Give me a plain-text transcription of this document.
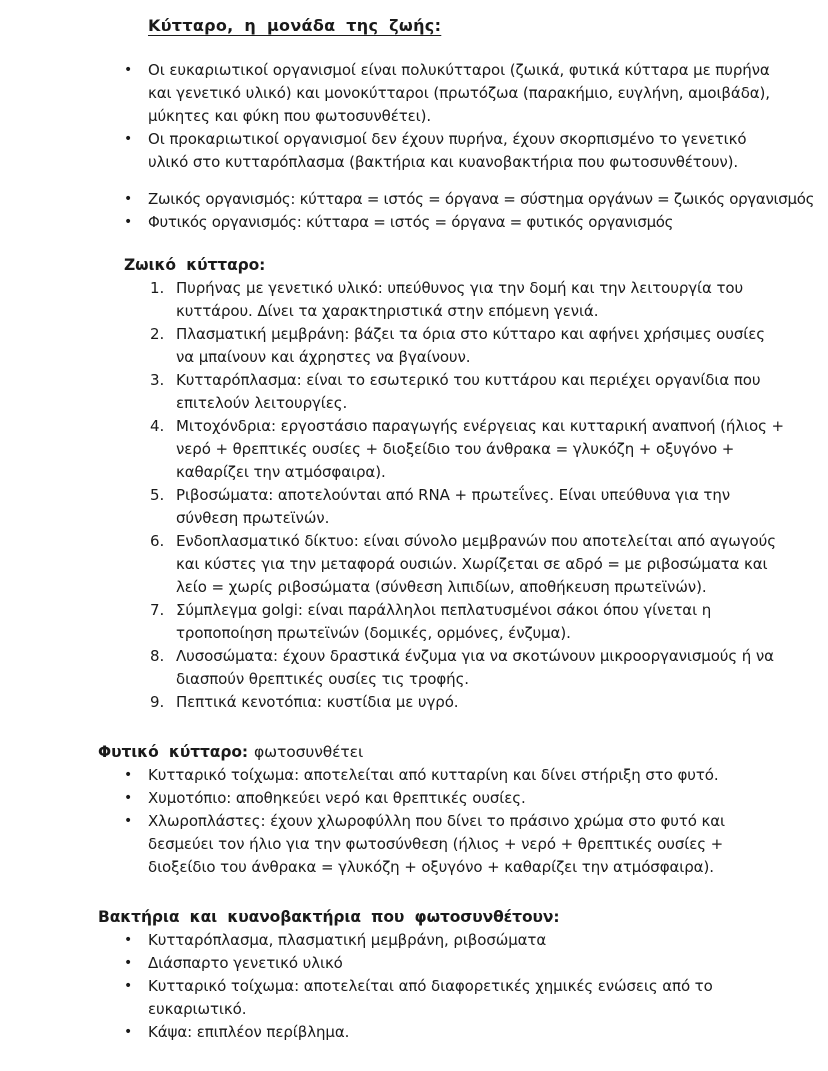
Κύτταρο, η μονάδα της ζωής:
•	Οι ευκαριωτικοί οργανισμοί είναι πολυκύτταροι (ζωικά, φυτικά κύτταρα με πυρήνα και γενετικό υλικό) και μονοκύτταροι (πρωτόζωα (παρακήμιο, ευγλήνη, αμοιβάδα), μύκητες και φύκη που φωτοσυνθέτει).
•	Οι προκαριωτικοί οργανισμοί δεν έχουν πυρήνα, έχουν σκορπισμένο το γενετικό υλικό στο κυτταρόπλασμα (βακτήρια και κυανοβακτήρια που φωτοσυνθέτουν).
•	Ζωικός οργανισμός: κύτταρα = ιστός = όργανα = σύστημα οργάνων = ζωικός οργανισμός
•	Φυτικός οργανισμός: κύτταρα = ιστός = όργανα = φυτικός οργανισμός
Ζωικό κύτταρο:
1. Πυρήνας με γενετικό υλικό: υπεύθυνος για την δομή και την λειτουργία του κυττάρου. Δίνει τα χαρακτηριστικά στην επόμενη γενιά.
2. Πλασματική μεμβράνη: βάζει τα όρια στο κύτταρο και αφήνει χρήσιμες ουσίες να μπαίνουν και άχρηστες να βγαίνουν.
3. Κυτταρόπλασμα: είναι το εσωτερικό του κυττάρου και περιέχει οργανίδια που επιτελούν λειτουργίες.
4. Μιτοχόνδρια: εργοστάσιο παραγωγής ενέργειας και κυτταρική αναπνοή (ήλιος + νερό + θρεπτικές ουσίες + διοξείδιο του άνθρακα = γλυκόζη + οξυγόνο + καθαρίζει την ατμόσφαιρα).
5. Ριβοσώματα: αποτελούνται από RNA + πρωτεΐνες. Είναι υπεύθυνα για την σύνθεση πρωτεϊνών.
6. Ενδοπλασματικό δίκτυο: είναι σύνολο μεμβρανών που αποτελείται από αγωγούς και κύστες για την μεταφορά ουσιών. Χωρίζεται σε αδρό = με ριβοσώματα και λείο = χωρίς ριβοσώματα (σύνθεση λιπιδίων, αποθήκευση πρωτεϊνών).
7. Σύμπλεγμα golgi: είναι παράλληλοι πεπλατυσμένοι σάκοι όπου γίνεται η τροποποίηση πρωτεϊνών (δομικές, ορμόνες, ένζυμα).
8. Λυσοσώματα: έχουν δραστικά ένζυμα για να σκοτώνουν μικροοργανισμούς ή να διασπούν θρεπτικές ουσίες τις τροφής.
9. Πεπτικά κενοτόπια: κυστίδια με υγρό.
Φυτικό κύτταρο: φωτοσυνθέτει
•	Κυτταρικό τοίχωμα: αποτελείται από κυτταρίνη και δίνει στήριξη στο φυτό.
•	Χυμοτόπιο: αποθηκεύει νερό και θρεπτικές ουσίες.
•	Χλωροπλάστες: έχουν χλωροφύλλη που δίνει το πράσινο χρώμα στο φυτό και δεσμεύει τον ήλιο για την φωτοσύνθεση (ήλιος + νερό + θρεπτικές ουσίες + διοξείδιο του άνθρακα = γλυκόζη + οξυγόνο + καθαρίζει την ατμόσφαιρα).
Βακτήρια και κυανοβακτήρια που φωτοσυνθέτουν:
•	Κυτταρόπλασμα, πλασματική μεμβράνη, ριβοσώματα
•	Διάσπαρτο γενετικό υλικό
•	Κυτταρικό τοίχωμα: αποτελείται από διαφορετικές χημικές ενώσεις από το ευκαριωτικό.
•	Κάψα: επιπλέον περίβλημα.
